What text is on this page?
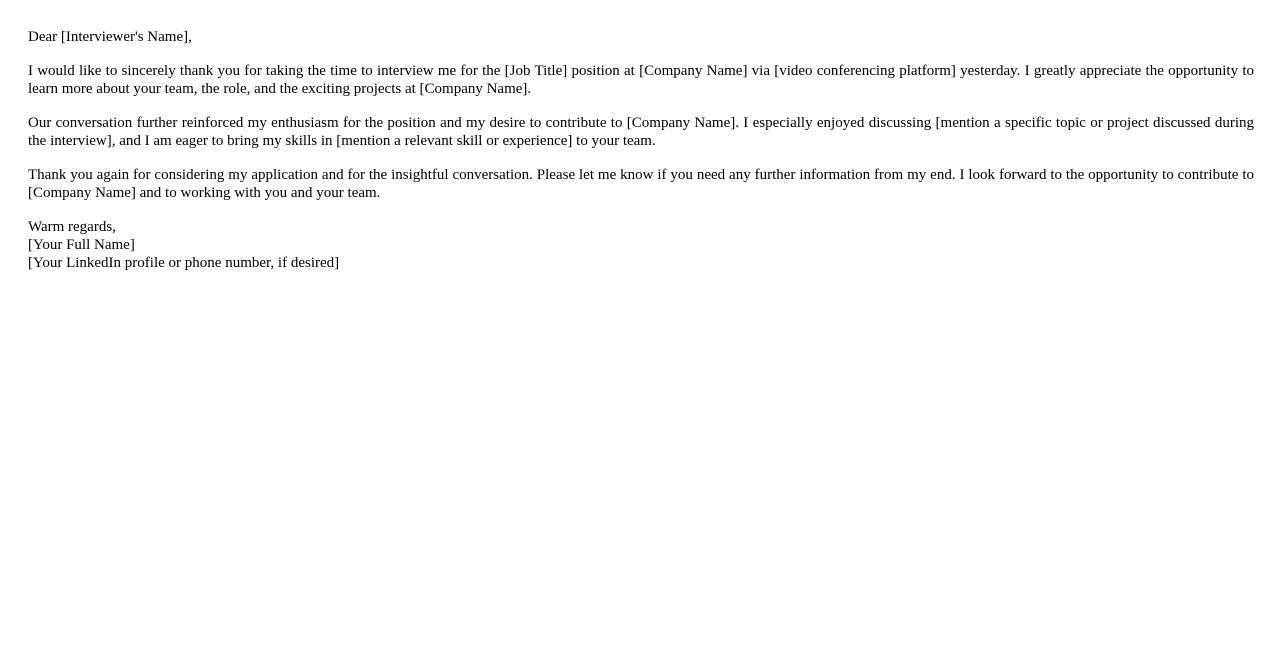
Dear [Interviewer's Name],

I would like to sincerely thank you for taking the time to interview me for the [Job Title] position at [Company Name] via [video conferencing platform] yesterday. I greatly appreciate the opportunity to learn more about your team, the role, and the exciting projects at [Company Name].

Our conversation further reinforced my enthusiasm for the position and my desire to contribute to [Company Name]. I especially enjoyed discussing [mention a specific topic or project discussed during the interview], and I am eager to bring my skills in [mention a relevant skill or experience] to your team.

Thank you again for considering my application and for the insightful conversation. Please let me know if you need any further information from my end. I look forward to the opportunity to contribute to [Company Name] and to working with you and your team.

Warm regards,
[Your Full Name]
[Your LinkedIn profile or phone number, if desired]
